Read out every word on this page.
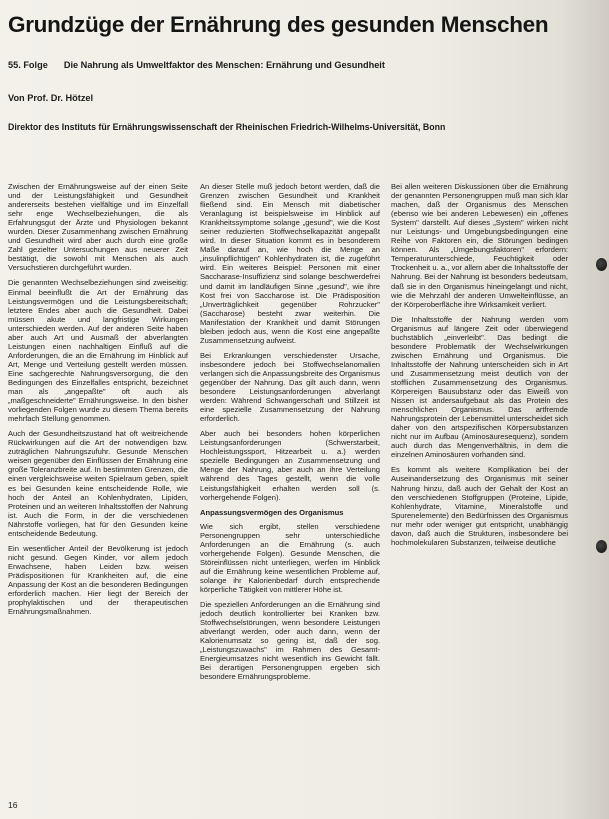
Grundzüge der Ernährung des gesunden Menschen
55. Folge Die Nahrung als Umweltfaktor des Menschen: Ernährung und Gesundheit
Von Prof. Dr. Hötzel
Direktor des Instituts für Ernährungswissenschaft der Rheinischen Friedrich-Wilhelms-Universität, Bonn

Zwischen der Ernährungsweise auf der einen Seite und der Leistungsfähigkeit und Gesundheit andererseits bestehen vielfältige und im Einzelfall sehr enge Wechselbeziehungen, die als Erfahrungsgut der Ärzte und Physiologen bekannt wurden. Dieser Zusammenhang zwischen Ernährung und Gesundheit wird aber auch durch eine große Zahl gezielter Untersuchungen aus neuerer Zeit bestätigt, die sowohl mit Menschen als auch Versuchstieren durchgeführt wurden.

Die genannten Wechselbeziehungen sind zweiseitig: Einmal beeinflußt die Art der Ernährung das Leistungsvermögen und die Leistungsbereitschaft; letztere Endes aber auch die Gesundheit. Dabei müssen akute und langfristige Wirkungen unterschieden werden. Auf der anderen Seite haben aber auch Art und Ausmaß der abverlangten Leistungen einen nachhaltigen Einfluß auf die Anforderungen, die an die Ernährung im Hinblick auf Art, Menge und Verteilung gestellt werden müssen. Eine sachgerechte Nahrungsversorgung, die den Bedingungen des Einzelfalles entspricht, bezeichnet man als „angepaßte" oft auch als „maßgeschneiderte" Ernährungsweise. In den bisher vorliegenden Folgen wurde zu diesem Thema bereits mehrfach Stellung genommen.

Auch der Gesundheitszustand hat oft weitreichende Rückwirkungen auf die Art der notwendigen bzw. zuträglichen Nahrungszufuhr. Gesunde Menschen weisen gegenüber den Einflüssen der Ernährung eine große Toleranzbreite auf. In bestimmten Grenzen, die einen vergleichsweise weiten Spielraum geben, spielt es bei Gesunden keine entscheidende Rolle, wie hoch der Anteil an Kohlenhydraten, Lipiden, Proteinen und an weiteren Inhaltsstoffen der Nahrung ist. Auch die Form, in der die verschiedenen Nährstoffe vorliegen, hat für den Gesunden keine entscheidende Bedeutung.

Ein wesentlicher Anteil der Bevölkerung ist jedoch nicht gesund. Gegen Kinder, vor allem jedoch Erwachsene, haben Leiden bzw. weisen Prädispositionen für Krankheiten auf, die eine Anpassung der Kost an die besonderen Bedingungen erforderlich machen. Hier liegt der Bereich der prophylaktischen und der therapeutischen Ernährungsmaßnahmen.

An dieser Stelle muß jedoch betont werden, daß die Grenzen zwischen Gesundheit und Krankheit fließend sind. Ein Mensch mit diabetischer Veranlagung ist beispielsweise im Hinblick auf Krankheitssymptome solange „gesund", wie die Kost seiner reduzierten Stoffwechselkapazität angepaßt wird. In dieser Situation kommt es in besonderem Maße darauf an, wie hoch die Menge an „insulinpflichtigen" Kohlenhydraten ist, die zugeführt wird. Ein weiteres Beispiel: Personen mit einer Saccharase-Insuffizienz sind solange beschwerdefrei und damit im landläufigen Sinne „gesund", wie ihre Kost frei von Saccharose ist. Die Prädisposition „Unverträglichkeit gegenüber Rohrzucker" (Saccharose) besteht zwar weiterhin. Die Manifestation der Krankheit und damit Störungen bleiben jedoch aus, wenn die Kost eine angepaßte Zusammensetzung aufweist.

Bei Erkrankungen verschiedenster Ursache, insbesondere jedoch bei Stoffwechselanomalien verlangen sich die Anpassungsbreite des Organismus gegenüber der Nahrung. Das gilt auch dann, wenn besondere Leistungsanforderungen abverlangt werden: Während Schwangerschaft und Stillzeit ist eine spezielle Zusammensetzung der Nahrung erforderlich.

Aber auch bei besonders hohen körperlichen Leistungsanforderungen (Schwerstarbeit, Hochleistungssport, Hitzearbeit u. a.) werden spezielle Bedingungen an Zusammensetzung und Menge der Nahrung, aber auch an ihre Verteilung während des Tages gestellt, wenn die volle Leistungsfähigkeit erhalten werden soll (s. vorhergehende Folgen).

Anpassungsvermögen des Organismus

Wie sich ergibt, stellen verschiedene Personengruppen sehr unterschiedliche Anforderungen an die Ernährung (s. auch vorhergehende Folgen). Gesunde Menschen, die Störeinflüssen nicht unterliegen, werfen im Hinblick auf die Ernährung keine wesentlichen Probleme auf, solange ihr Kalorienbedarf durch entsprechende körperliche Tätigkeit von mittlerer Höhe ist.

Die speziellen Anforderungen an die Ernährung sind jedoch deutlich kontrollierter bei Kranken bzw. Stoffwechselstörungen, wenn besondere Leistungen abverlangt werden, oder auch dann, wenn der Kalorienumsatz so gering ist, daß der sog. „Leistungszuwachs" im Rahmen des Gesamt-Energieumsatzes nicht wesentlich ins Gewicht fällt. Bei derartigen Personengruppen ergeben sich besondere Ernährungsprobleme.

Bei allen weiteren Diskussionen über die Ernährung der genannten Personengruppen muß man sich klar machen, daß der Organismus des Menschen (ebenso wie bei anderen Lebewesen) ein „offenes System" darstellt. Auf dieses „System" wirken nicht nur Leistungs- und Umgebungsbedingungen eine Reihe von Faktoren ein, die Störungen bedingen können. Als „Umgebungsfaktoren" erfordern: Temperaturunterschiede, Feuchtigkeit oder Trockenheit u. a., vor allem aber die Inhaltsstoffe der Nahrung. Bei der Nahrung ist besonders bedeutsam, daß sie in den Organismus hineingelangt und nicht, wie die Mehrzahl der anderen Umwelteinflüsse, an der Körperoberfläche ihre Wirksamkeit verliert.

Die Inhaltsstoffe der Nahrung werden vom Organismus auf längere Zeit oder überwiegend buchstäblich „einverleibt". Das bedingt die besondere Problematik der Wechselwirkungen zwischen Ernährung und Organismus. Die Inhaltsstoffe der Nahrung unterscheiden sich in Art und Zusammensetzung meist deutlich von der stofflichen Zusammensetzung des Organismus. Körpereigen Bausubstanz oder das Eiweiß von Nissen ist andersaufgebaut als das Protein des menschlichen Organismus. Das artfremde Nahrungsprotein der Lebensmittel unterscheidet sich daher von den artspezifischen Körpersubstanzen nicht nur im Aufbau (Aminosäuresequenz), sondern auch durch das Mengenverhältnis, in dem die einzelnen Aminosäuren vorhanden sind.

Es kommt als weitere Komplikation bei der Auseinandersetzung des Organismus mit seiner Nahrung hinzu, daß auch der Gehalt der Kost an den verschiedenen Stoffgruppen (Proteine, Lipide, Kohlenhydrate, Vitamine, Mineralstoffe und Spurenelemente) den Bedürfnissen des Organismus nur mehr oder weniger gut entspricht, unabhängig davon, daß auch die Strukturen, insbesondere bei hochmolekularen Substanzen, teilweise deutliche

16
